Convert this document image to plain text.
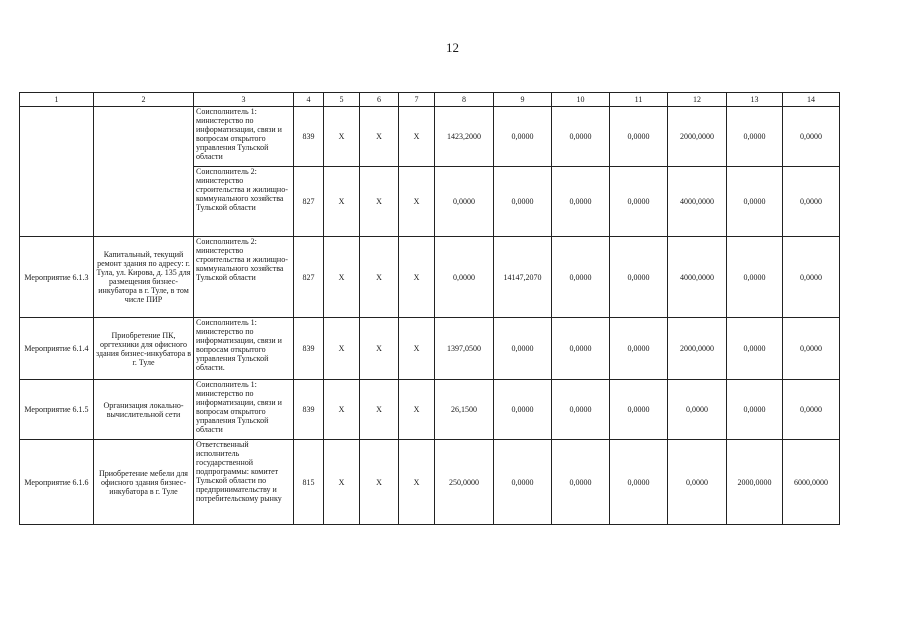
12
1	2	3	4	5	6	7	8	9	10	11	12	13	14
		Соисполнитель 1: министерство по информатизации, связи и вопросам открытого управления Тульской области	839	X	X	X	1423,2000	0,0000	0,0000	0,0000	2000,0000	0,0000	0,0000
		Соисполнитель 2: министерство строительства и жилищно-коммунального хозяйства Тульской области	827	X	X	X	0,0000	0,0000	0,0000	0,0000	4000,0000	0,0000	0,0000
Мероприятие 6.1.3	Капитальный, текущий ремонт здания по адресу: г. Тула, ул. Кирова, д. 135 для размещения бизнес-инкубатора в г. Туле, в том числе ПИР	Соисполнитель 2: министерство строительства и жилищно-коммунального хозяйства Тульской области	827	X	X	X	0,0000	14147,2070	0,0000	0,0000	4000,0000	0,0000	0,0000
Мероприятие 6.1.4	Приобретение ПК, оргтехники для офисного здания бизнес-инкубатора в г. Туле	Соисполнитель 1: министерство по информатизации, связи и вопросам открытого управления Тульской области.	839	X	X	X	1397,0500	0,0000	0,0000	0,0000	2000,0000	0,0000	0,0000
Мероприятие 6.1.5	Организация локально-вычислительной сети	Соисполнитель 1: министерство по информатизации, связи и вопросам открытого управления Тульской области	839	X	X	X	26,1500	0,0000	0,0000	0,0000	0,0000	0,0000	0,0000
Мероприятие 6.1.6	Приобретение мебели для офисного здания бизнес-инкубатора в г. Туле	Ответственный исполнитель государственной подпрограммы: комитет Тульской области по предпринимательству и потребительскому рынку	815	X	X	X	250,0000	0,0000	0,0000	0,0000	0,0000	2000,0000	6000,0000
